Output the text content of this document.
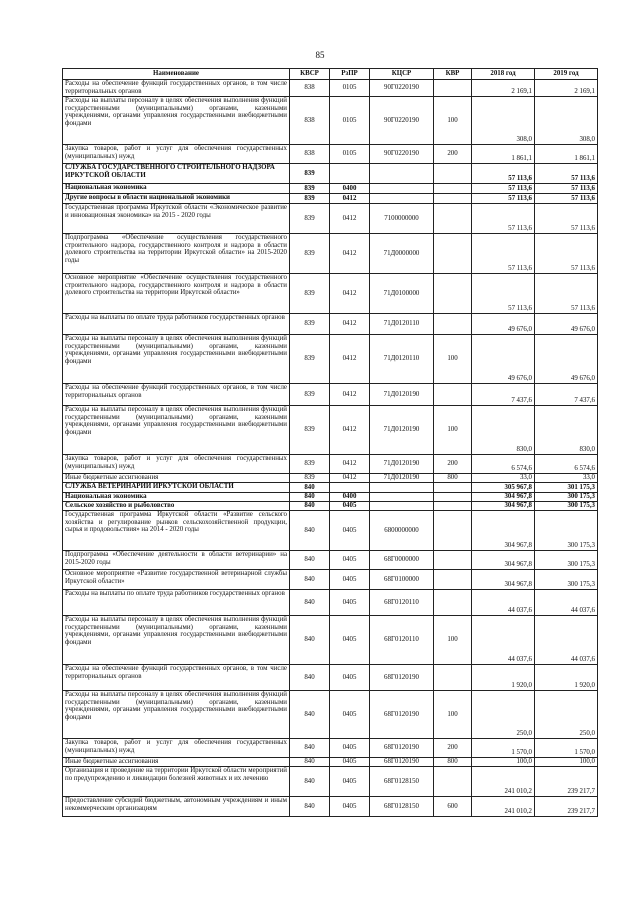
85
Наименование	КВСР	РзПР	КЦСР	КВР	2018 год	2019 год
Расходы на обеспечение функций государственных органов, в том числе территориальных органов	838	0105	90Г0220190		2 169,1	2 169,1
Расходы на выплаты персоналу в целях обеспечения выполнения функций государственными (муниципальными) органами, казенными учреждениями, органами управления государственными внебюджетными фондами	838	0105	90Г0220190	100	308,0	308,0
Закупка товаров, работ и услуг для обеспечения государственных (муниципальных) нужд	838	0105	90Г0220190	200	1 861,1	1 861,1
СЛУЖБА ГОСУДАРСТВЕННОГО СТРОИТЕЛЬНОГО НАДЗОРА ИРКУТСКОЙ ОБЛАСТИ	839				57 113,6	57 113,6
Национальная экономика	839	0400			57 113,6	57 113,6
Другие вопросы в области национальной экономики	839	0412			57 113,6	57 113,6
Государственная программа Иркутской области «Экономическое развитие и инновационная экономика» на 2015 - 2020 годы	839	0412	7100000000		57 113,6	57 113,6
Подпрограмма «Обеспечение осуществления государственного строительного надзора, государственного контроля и надзора в области долевого строительства на территории Иркутской области» на 2015-2020 годы	839	0412	71Д0000000		57 113,6	57 113,6
Основное мероприятие «Обеспечение осуществления государственного строительного надзора, государственного контроля и надзора в области долевого строительства на территории Иркутской области»	839	0412	71Д0100000		57 113,6	57 113,6
Расходы на выплаты по оплате труда работников государственных органов	839	0412	71Д0120110		49 676,0	49 676,0
Расходы на выплаты персоналу в целях обеспечения выполнения функций государственными (муниципальными) органами, казенными учреждениями, органами управления государственными внебюджетными фондами	839	0412	71Д0120110	100	49 676,0	49 676,0
Расходы на обеспечение функций государственных органов, в том числе территориальных органов	839	0412	71Д0120190		7 437,6	7 437,6
Расходы на выплаты персоналу в целях обеспечения выполнения функций государственными (муниципальными) органами, казенными учреждениями, органами управления государственными внебюджетными фондами	839	0412	71Д0120190	100	830,0	830,0
Закупка товаров, работ и услуг для обеспечения государственных (муниципальных) нужд	839	0412	71Д0120190	200	6 574,6	6 574,6
Иные бюджетные ассигнования	839	0412	71Д0120190	800	33,0	33,0
СЛУЖБА ВЕТЕРИНАРИИ ИРКУТСКОЙ ОБЛАСТИ	840				305 967,8	301 175,3
Национальная экономика	840	0400			304 967,8	300 175,3
Сельское хозяйство и рыболовство	840	0405			304 967,8	300 175,3
Государственная программа Иркутской области «Развитие сельского хозяйства и регулирование рынков сельскохозяйственной продукции, сырья и продовольствия» на 2014 - 2020 годы	840	0405	6800000000		304 967,8	300 175,3
Подпрограмма «Обеспечение деятельности в области ветеринарии» на 2015-2020 годы	840	0405	68Г0000000		304 967,8	300 175,3
Основное мероприятие «Развитие государственной ветеринарной службы Иркутской области»	840	0405	68Г0100000		304 967,8	300 175,3
Расходы на выплаты по оплате труда работников государственных органов	840	0405	68Г0120110		44 037,6	44 037,6
Расходы на выплаты персоналу в целях обеспечения выполнения функций государственными (муниципальными) органами, казенными учреждениями, органами управления государственными внебюджетными фондами	840	0405	68Г0120110	100	44 037,6	44 037,6
Расходы на обеспечение функций государственных органов, в том числе территориальных органов	840	0405	68Г0120190		1 920,0	1 920,0
Расходы на выплаты персоналу в целях обеспечения выполнения функций государственными (муниципальными) органами, казенными учреждениями, органами управления государственными внебюджетными фондами	840	0405	68Г0120190	100	250,0	250,0
Закупка товаров, работ и услуг для обеспечения государственных (муниципальных) нужд	840	0405	68Г0120190	200	1 570,0	1 570,0
Иные бюджетные ассигнования	840	0405	68Г0120190	800	100,0	100,0
Организация и проведение на территории Иркутской области мероприятий по предупреждению и ликвидации болезней животных и их лечению	840	0405	68Г0128150		241 010,2	239 217,7
Предоставление субсидий бюджетным, автономным учреждениям и иным некоммерческим организациям	840	0405	68Г0128150	600	241 010,2	239 217,7
